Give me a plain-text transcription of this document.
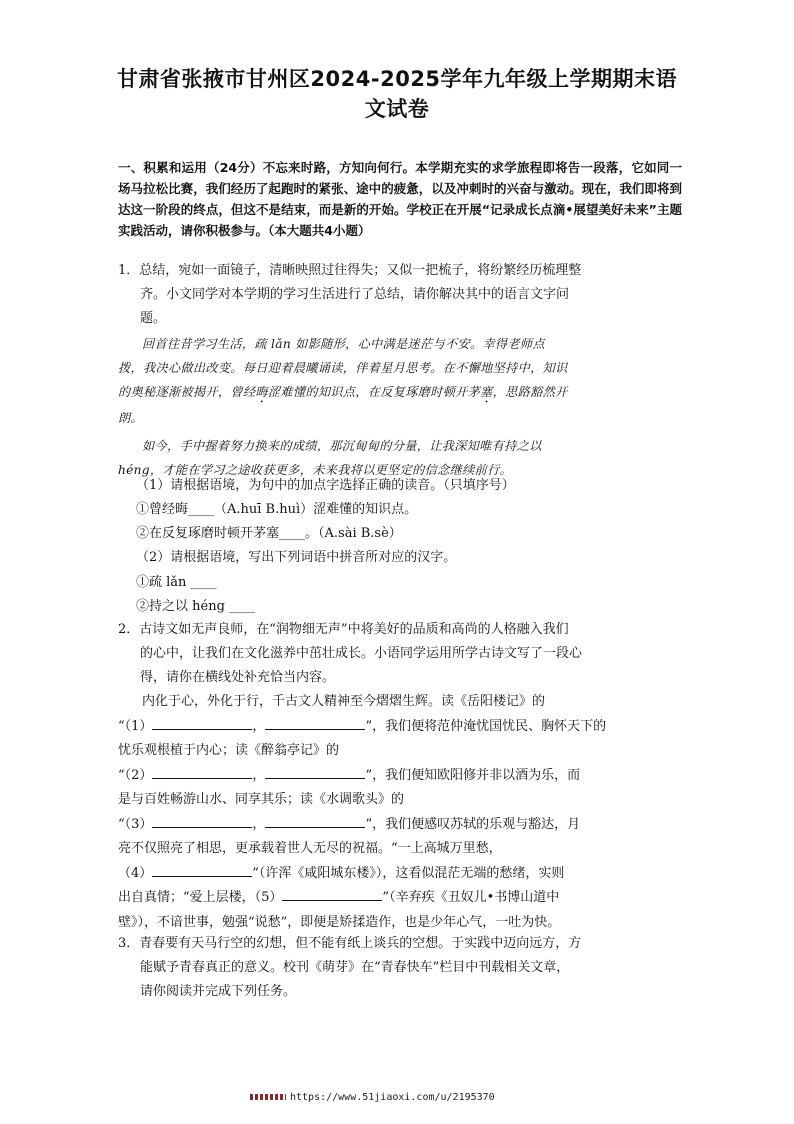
甘肃省张掖市甘州区2024-2025学年九年级上学期期末语
文试卷
一、积累和运用（24分）不忘来时路，方知向何行。本学期充实的求学旅程即将告一段落，它如同一场马拉松比赛，我们经历了起跑时的紧张、途中的疲惫，以及冲刺时的兴奋与激动。现在，我们即将到达这一阶段的终点，但这不是结束，而是新的开始。学校正在开展“记录成长点滴•展望美好未来”主题实践活动，请你积极参与。（本大题共4小题）
1．总结，宛如一面镜子，清晰映照过往得失；又似一把梳子，将纷繁经历梳理整
齐。小文同学对本学期的学习生活进行了总结，请你解决其中的语言文字问
题。
回首往昔学习生活，疏 lǎn 如影随形，心中满是迷茫与不安。幸得老师点
拨，我决心做出改变。每日迎着晨曦诵读，伴着星月思考。在不懈地坚持中，知识
的奥秘逐渐被揭开，曾经晦涩难懂的知识点，在反复琢磨时顿开茅塞，思路豁然开
朗。
如今，手中握着努力换来的成绩，那沉甸甸的分量，让我深知唯有持之以
héng，才能在学习之途收获更多，未来我将以更坚定的信念继续前行。
（1）请根据语境，为句中的加点字选择正确的读音。（只填序号）
①曾经晦____（A.huī B.huì）涩难懂的知识点。
②在反复琢磨时顿开茅塞____。（A.sài B.sè）
（2）请根据语境，写出下列词语中拼音所对应的汉字。
①疏 lǎn ____
②持之以 héng ____
2．古诗文如无声良师，在“润物细无声”中将美好的品质和高尚的人格融入我们
的心中，让我们在文化滋养中茁壮成长。小语同学运用所学古诗文写了一段心
得，请你在横线处补充恰当内容。
内化于心，外化于行，千古文人精神至今熠熠生辉。读《岳阳楼记》的
“（1）	，	”，我们便将范仲淹忧国忧民、胸怀天下的
忧乐观根植于内心；读《醉翁亭记》的
“（2）	，	”，我们便知欧阳修并非以酒为乐，而
是与百姓畅游山水、同享其乐；读《水调歌头》的
“（3）	，	”，我们便感叹苏轼的乐观与豁达，月
亮不仅照亮了相思，更承载着世人无尽的祝福。“一上高城万里愁，
（4）	”（许浑《咸阳城东楼》），这看似混茫无端的愁绪，实则
出自真情；“爱上层楼，（5）	”（辛弃疾《丑奴儿•书博山道中
壁》），不谙世事，勉强“说愁”，即便是矫揉造作，也是少年心气，一吐为快。
3．青春要有天马行空的幻想，但不能有纸上谈兵的空想。于实践中迈向远方，方
能赋予青春真正的意义。校刊《萌芽》在“青春快车”栏目中刊载相关文章，
请你阅读并完成下列任务。
https://www.51jiaoxi.com/u/2195370
